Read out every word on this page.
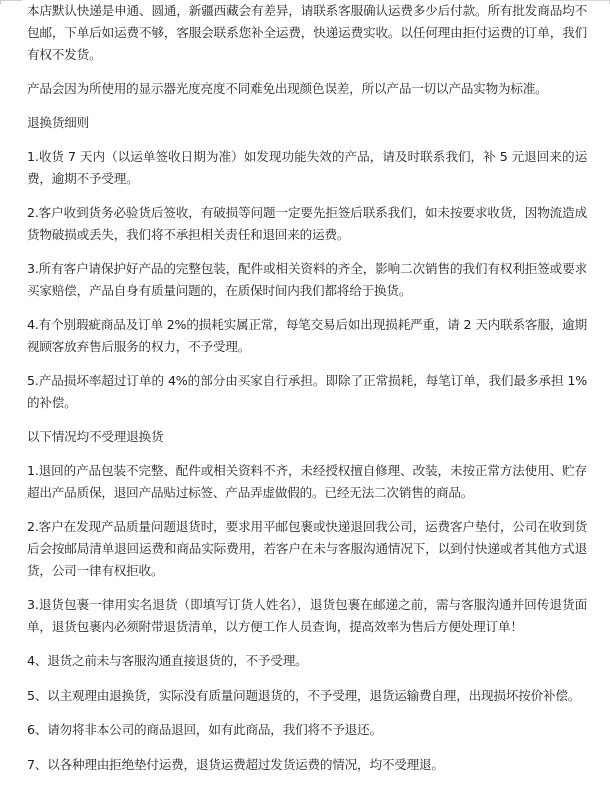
本店默认快递是申通、圆通，新疆西藏会有差异，请联系客服确认运费多少后付款。所有批发商品均不包邮，下单后如运费不够，客服会联系您补全运费，快递运费实收。以任何理由拒付运费的订单，我们有权不发货。

产品会因为所使用的显示器光度亮度不同难免出现颜色误差，所以产品一切以产品实物为标准。

退换货细则

1.收货 7 天内（以运单签收日期为准）如发现功能失效的产品，请及时联系我们，补 5 元退回来的运费，逾期不予受理。

2.客户收到货务必验货后签收，有破损等问题一定要先拒签后联系我们，如未按要求收货，因物流造成货物破损或丢失，我们将不承担相关责任和退回来的运费。

3.所有客户请保护好产品的完整包装，配件或相关资料的齐全，影响二次销售的我们有权利拒签或要求买家赔偿，产品自身有质量问题的，在质保时间内我们都将给于换货。

4.有个别瑕疵商品及订单 2%的损耗实属正常，每笔交易后如出现损耗严重，请 2 天内联系客服，逾期视顾客放弃售后服务的权力，不予受理。

5.产品损坏率超过订单的 4%的部分由买家自行承担。即除了正常损耗，每笔订单，我们最多承担 1%的补偿。

以下情况均不受理退换货

1.退回的产品包装不完整、配件或相关资料不齐，未经授权擅自修理、改装，未按正常方法使用、贮存超出产品质保，退回产品贴过标签、产品弄虚做假的。已经无法二次销售的商品。

2.客户在发现产品质量问题退货时，要求用平邮包裹或快递退回我公司，运费客户垫付，公司在收到货后会按邮局清单退回运费和商品实际费用，若客户在未与客服沟通情况下，以到付快递或者其他方式退货，公司一律有权拒收。

3.退货包裹一律用实名退货（即填写订货人姓名），退货包裹在邮递之前，需与客服沟通并回传退货面单，退货包裹内必须附带退货清单，以方便工作人员查询，提高效率为售后方便处理订单！

4、退货之前未与客服沟通直接退货的，不予受理。

5、以主观理由退换货，实际没有质量问题退货的，不予受理，退货运输费自理，出现损坏按价补偿。

6、请勿将非本公司的商品退回，如有此商品，我们将不予退还。

7、以各种理由拒绝垫付运费，退货运费超过发货运费的情况，均不受理退。
